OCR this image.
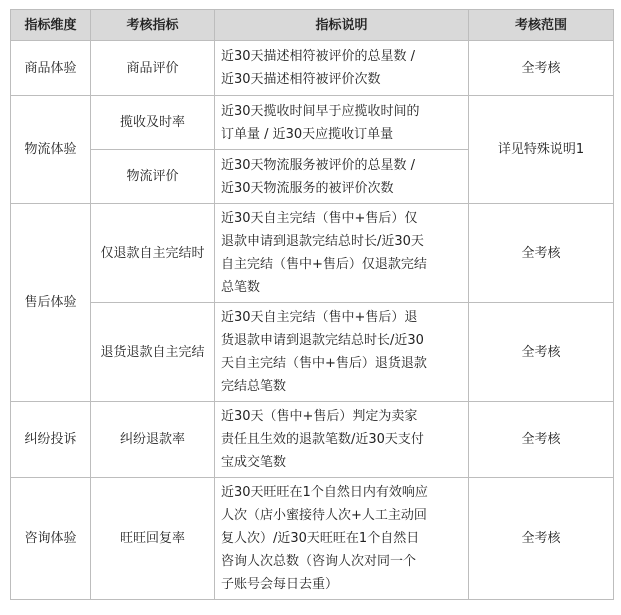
指标维度	考核指标	指标说明	考核范围
商品体验	商品评价	近30天描述相符被评价的总星数 /
近30天描述相符被评价次数	全考核
物流体验	揽收及时率	近30天揽收时间早于应揽收时间的
订单量 / 近30天应揽收订单量	详见特殊说明1
	物流评价	近30天物流服务被评价的总星数 /
近30天物流服务的被评价次数	
售后体验	仅退款自主完结时	近30天自主完结（售中+售后）仅
退款申请到退款完结总时长/近30天
自主完结（售中+售后）仅退款完结
总笔数	全考核
	退货退款自主完结	近30天自主完结（售中+售后）退
货退款申请到退款完结总时长/近30
天自主完结（售中+售后）退货退款
完结总笔数	全考核
纠纷投诉	纠纷退款率	近30天（售中+售后）判定为卖家
责任且生效的退款笔数/近30天支付
宝成交笔数	全考核
咨询体验	旺旺回复率	近30天旺旺在1个自然日内有效响应
人次（店小蜜接待人次+人工主动回
复人次）/近30天旺旺在1个自然日
咨询人次总数（咨询人次对同一个
子账号会每日去重）	全考核
